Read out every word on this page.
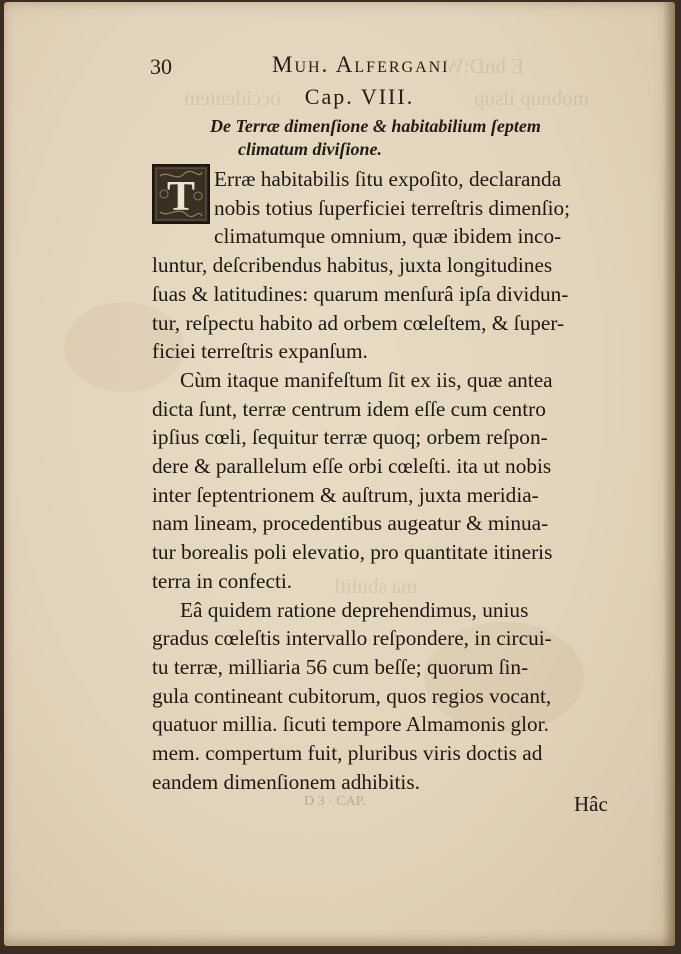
E bnD:W
mobnup ilsup
occidentem
ma sbuƚitl
30	Muh. Alfergani
Cap. VIII.
De Terræ dimenſione & habitabilium ſeptem
climatum diviſione.
T Erræ habitabilis ſitu expoſito, declaranda
nobis totius ſuperficiei terreſtris dimenſio;
climatumque omnium, quæ ibidem inco-
luntur, deſcribendus habitus, juxta longitudines
ſuas & latitudines: quarum menſurâ ipſa dividun-
tur, reſpectu habito ad orbem cœleſtem, & ſuper-
ficiei terreſtris expanſum.
Cùm itaque manifeſtum ſit ex iis, quæ antea
dicta ſunt, terræ centrum idem eſſe cum centro
ipſius cœli, ſequitur terræ quoq; orbem reſpon-
dere & parallelum eſſe orbi cœleſti. ita ut nobis
inter ſeptentrionem & auſtrum, juxta meridia-
nam lineam, procedentibus augeatur & minua-
tur borealis poli elevatio, pro quantitate itineris
terra in confecti.
Eâ quidem ratione deprehendimus, unius
gradus cœleſtis intervallo reſpondere, in circui-
tu terræ, milliaria 56 cum beſſe; quorum ſin-
gula contineant cubitorum, quos regios vocant,
quatuor millia. ſicuti tempore Almamonis glor.
mem. compertum fuit, pluribus viris doctis ad
eandem dimenſionem adhibitis.
D 3 · CAP.	Hâc
